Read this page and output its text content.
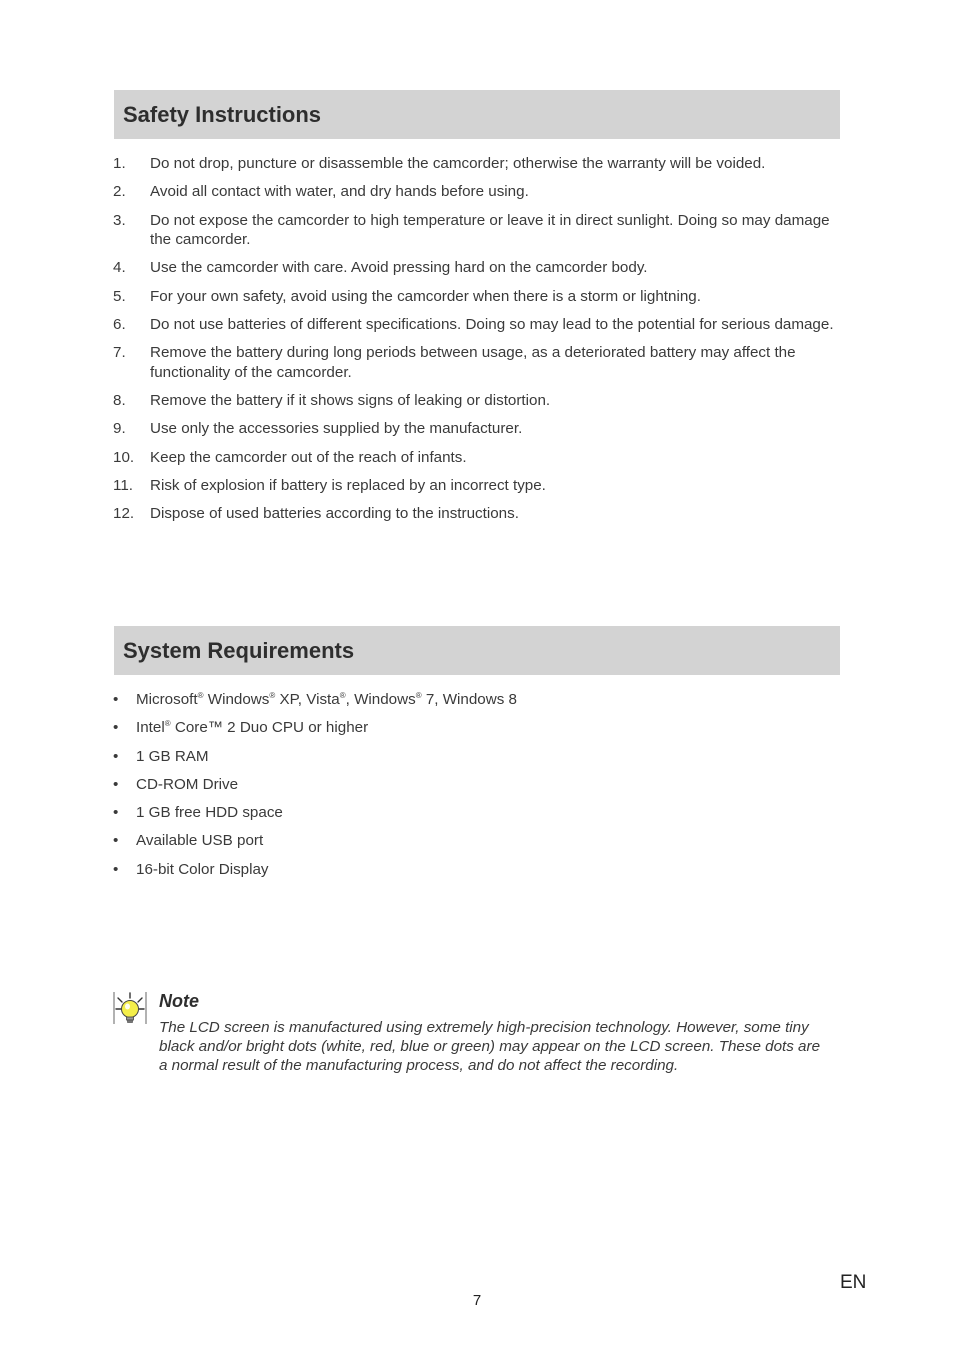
Safety Instructions
1. Do not drop, puncture or disassemble the camcorder; otherwise the warranty will be voided.
2. Avoid all contact with water, and dry hands before using.
3. Do not expose the camcorder to high temperature or leave it in direct sunlight. Doing so may damage the camcorder.
4. Use the camcorder with care. Avoid pressing hard on the camcorder body.
5. For your own safety, avoid using the camcorder when there is a storm or lightning.
6. Do not use batteries of different specifications. Doing so may lead to the potential for serious damage.
7. Remove the battery during long periods between usage, as a deteriorated battery may affect the functionality of the camcorder.
8. Remove the battery if it shows signs of leaking or distortion.
9. Use only the accessories supplied by the manufacturer.
10. Keep the camcorder out of the reach of infants.
11. Risk of explosion if battery is replaced by an incorrect type.
12. Dispose of used batteries according to the instructions.
System Requirements
• Microsoft® Windows® XP, Vista®, Windows® 7, Windows 8
• Intel® Core™ 2 Duo CPU or higher
• 1 GB RAM
• CD-ROM Drive
• 1 GB free HDD space
• Available USB port
• 16-bit Color Display
Note

The LCD screen is manufactured using extremely high-precision technology. However, some tiny black and/or bright dots (white, red, blue or green) may appear on the LCD screen. These dots are a normal result of the manufacturing process, and do not affect the recording.

7
EN
